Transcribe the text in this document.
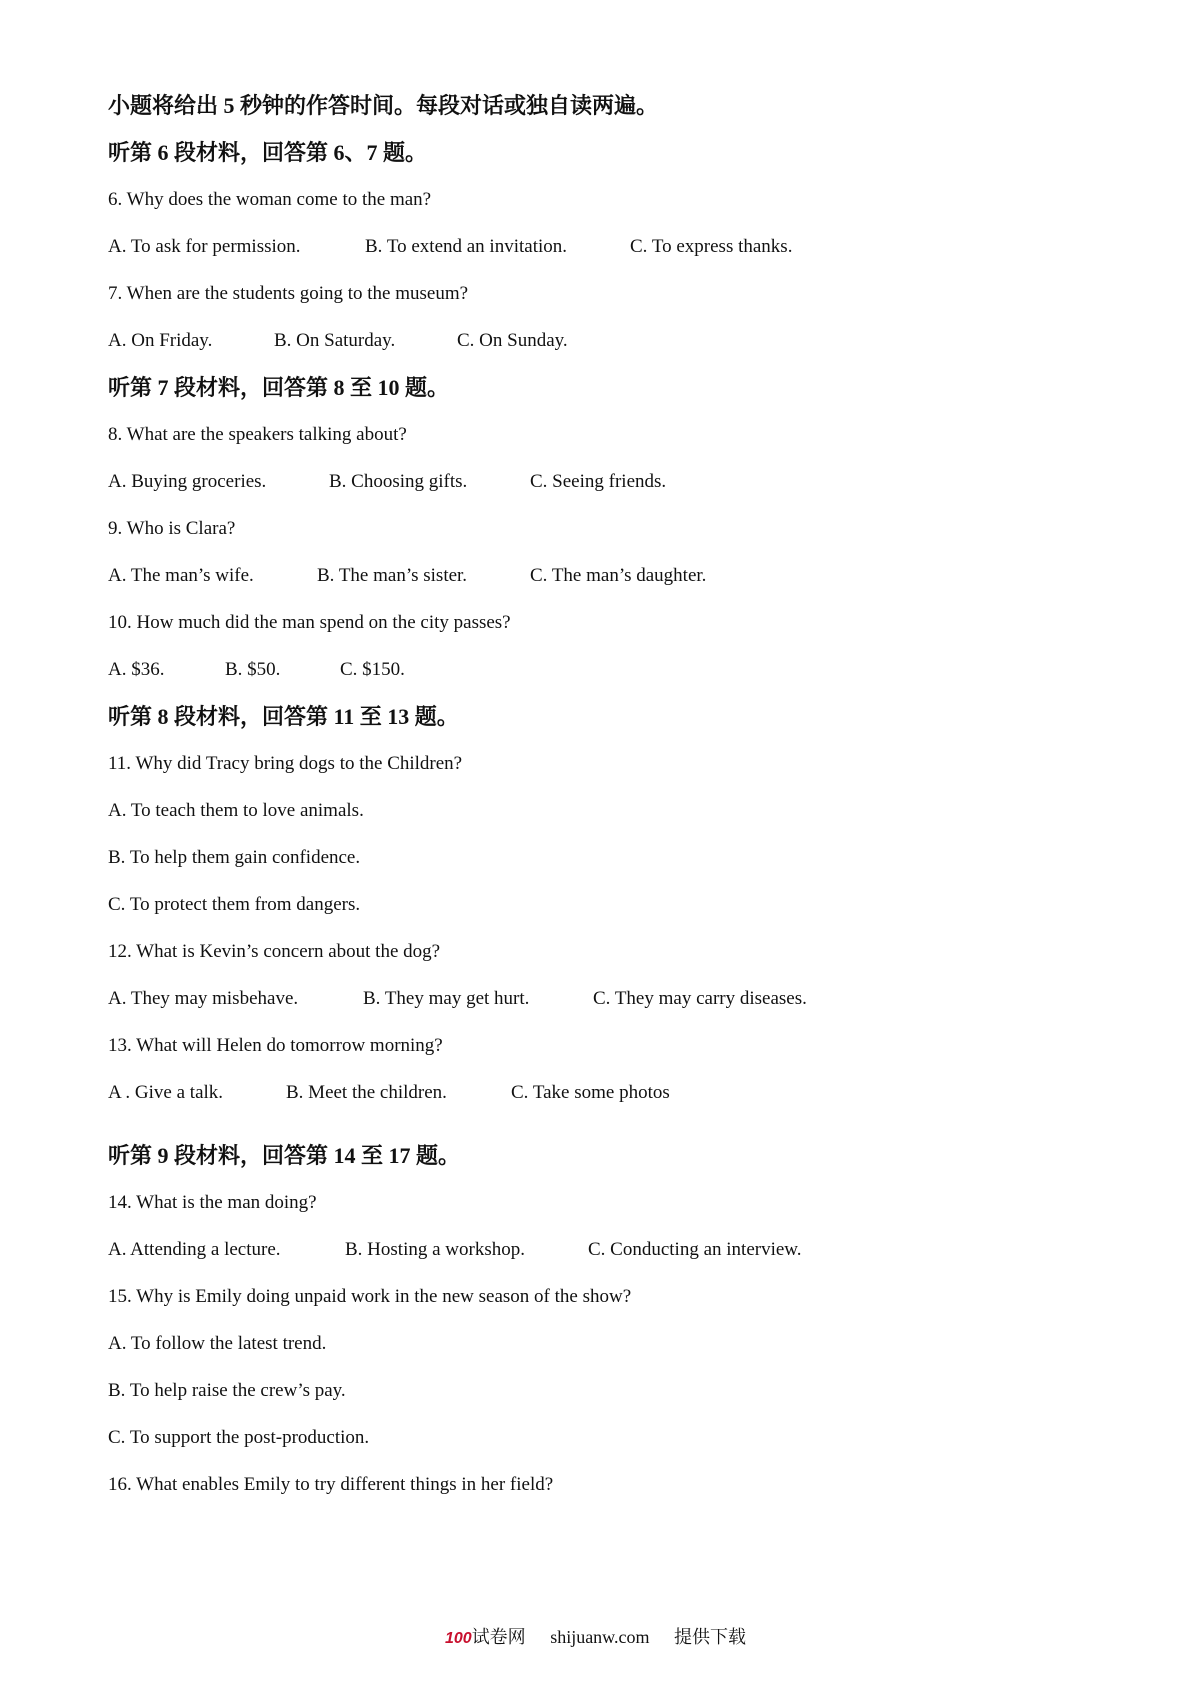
小题将给出 5 秒钟的作答时间。每段对话或独自读两遍。
听第 6 段材料，回答第 6、7 题。
6. Why does the woman come to the man?
A. To ask for permission.	B. To extend an invitation.	C. To express thanks.
7. When are the students going to the museum?
A. On Friday.	B. On Saturday.	C. On Sunday.
听第 7 段材料，回答第 8 至 10 题。
8. What are the speakers talking about?
A. Buying groceries.	B. Choosing gifts.	C. Seeing friends.
9. Who is Clara?
A. The man’s wife.	B. The man’s sister.	C. The man’s daughter.
10. How much did the man spend on the city passes?
A. $36.	B. $50.	C. $150.
听第 8 段材料，回答第 11 至 13 题。
11. Why did Tracy bring dogs to the Children?
A. To teach them to love animals.
B. To help them gain confidence.
C. To protect them from dangers.
12. What is Kevin’s concern about the dog?
A. They may misbehave.	B. They may get hurt.	C. They may carry diseases.
13. What will Helen do tomorrow morning?
A . Give a talk.	B. Meet the children.	C. Take some photos
听第 9 段材料，回答第 14 至 17 题。
14. What is the man doing?
A. Attending a lecture.	B. Hosting a workshop.	C. Conducting an interview.
15. Why is Emily doing unpaid work in the new season of the show?
A. To follow the latest trend.
B. To help raise the crew’s pay.
C. To support the post-production.
16. What enables Emily to try different things in her field?
100试卷网 shijuanw.com 提供下载
